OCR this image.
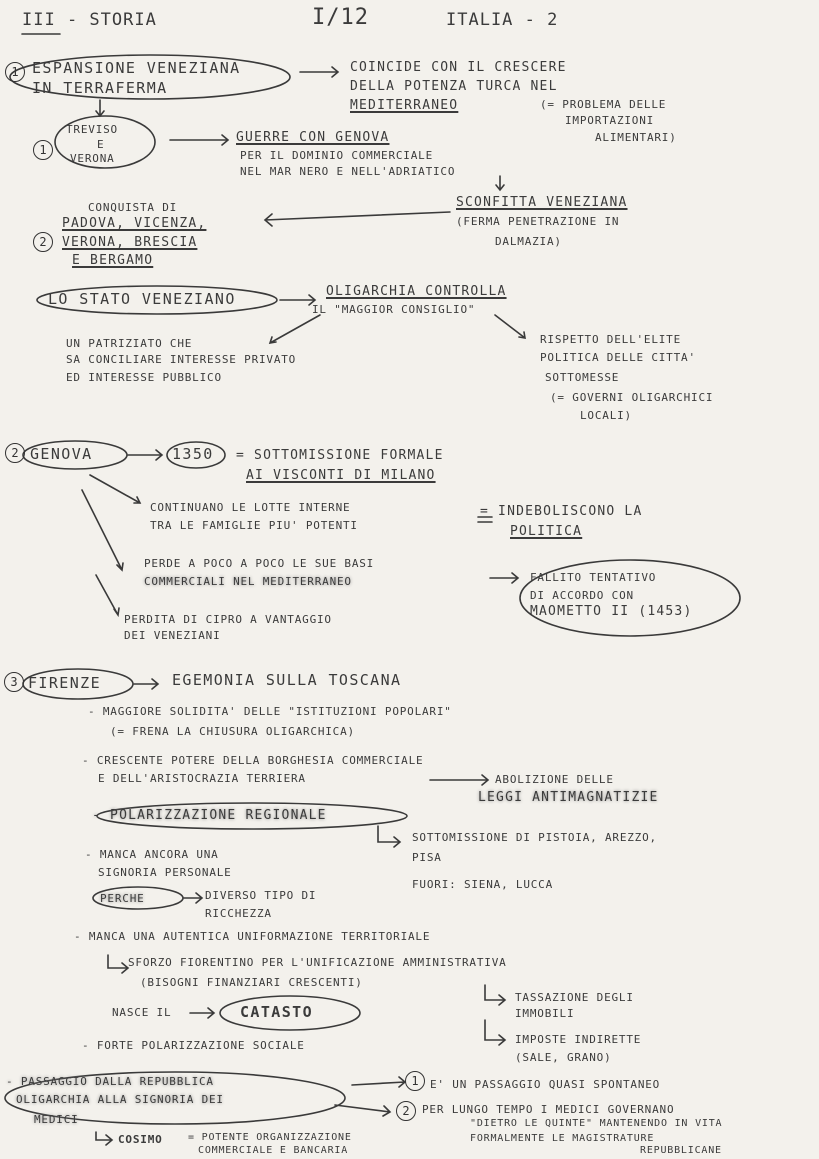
III - STORIA	I/12	ITALIA - 2
1 ESPANSIONE VENEZIANA
IN TERRAFERMA
COINCIDE CON IL CRESCERE
DELLA POTENZA TURCA NEL
MEDITERRANEO	(= PROBLEMA DELLE
IMPORTAZIONI
ALIMENTARI)
1
TREVISO
E
VERONA
GUERRE CON GENOVA
PER IL DOMINIO COMMERCIALE
NEL MAR NERO E NELL'ADRIATICO
SCONFITTA VENEZIANA
(FERMA PENETRAZIONE IN
DALMAZIA)
2
CONQUISTA DI
PADOVA, VICENZA,
VERONA, BRESCIA
E BERGAMO
LO STATO VENEZIANO	OLIGARCHIA CONTROLLA
IL "MAGGIOR CONSIGLIO"
UN PATRIZIATO CHE
SA CONCILIARE INTERESSE PRIVATO
ED INTERESSE PUBBLICO
RISPETTO DELL'ELITE
POLITICA DELLE CITTA'
SOTTOMESSE
(= GOVERNI OLIGARCHICI
LOCALI)
2 GENOVA	1350 = SOTTOMISSIONE FORMALE
AI VISCONTI DI MILANO
CONTINUANO LE LOTTE INTERNE
TRA LE FAMIGLIE PIU' POTENTI
= INDEBOLISCONO LA
POLITICA
PERDE A POCO A POCO LE SUE BASI
COMMERCIALI NEL MEDITERRANEO	FALLITO TENTATIVO
DI ACCORDO CON
MAOMETTO II (1453)
PERDITA DI CIPRO A VANTAGGIO
DEI VENEZIANI
3 FIRENZE	EGEMONIA SULLA TOSCANA
- MAGGIORE SOLIDITA' DELLE "ISTITUZIONI POPOLARI"
(= FRENA LA CHIUSURA OLIGARCHICA)
- CRESCENTE POTERE DELLA BORGHESIA COMMERCIALE
E DELL'ARISTOCRAZIA TERRIERA	ABOLIZIONE DELLE
LEGGI ANTIMAGNATIZIE
- POLARIZZAZIONE REGIONALE
SOTTOMISSIONE DI PISTOIA, AREZZO,
PISA
FUORI: SIENA, LUCCA
- MANCA ANCORA UNA
SIGNORIA PERSONALE
PERCHE	DIVERSO TIPO DI
RICCHEZZA
- MANCA UNA AUTENTICA UNIFORMAZIONE TERRITORIALE
SFORZO FIORENTINO PER L'UNIFICAZIONE AMMINISTRATIVA
(BISOGNI FINANZIARI CRESCENTI)
NASCE IL	CATASTO
TASSAZIONE DEGLI
IMMOBILI
IMPOSTE INDIRETTE
(SALE, GRANO)
- FORTE POLARIZZAZIONE SOCIALE
- PASSAGGIO DALLA REPUBBLICA
OLIGARCHIA ALLA SIGNORIA DEI
MEDICI
1	E' UN PASSAGGIO QUASI SPONTANEO
2	PER LUNGO TEMPO I MEDICI GOVERNANO
"DIETRO LE QUINTE" MANTENENDO IN VITA
FORMALMENTE LE MAGISTRATURE
REPUBBLICANE
COSIMO	= POTENTE ORGANIZZAZIONE
COMMERCIALE E BANCARIA
